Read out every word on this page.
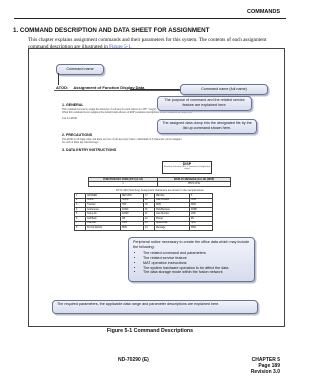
COMMANDS
1. COMMAND DESCRIPTION AND DATA SHEET FOR ASSIGNMENT
This chapter explains assignment commands and their parameters for this system. The contents of each assignment command description are illustrated in Figure 5-1.
ATOD: Assignment of Function Display Data
1. GENERAL
This command is used to assign the character of soft-key for each station as a JIS* / key(s).
When this command is not assigned, the default labels shown on ROF parameter descriptions in this command are displayed.
List for ATOD
2. PRECAUTIONS
The ATOD is 16 digits wide, and there are four of soft-key keys; hence a maximum of 8 characters can be assigned
for each of these key function keys.
3. DATA ENTRY INSTRUCTIONS
DISP
Function Selection: Max 2 characters (8 digits/key entry)
FUNCTION KEY CODE (FKY) (1-64)	DISPLAY MESSAGE (16 LCD (DISP)
1	PPP1 CFW
FKY1-200 (Soft-Key) Assignment characters are shown in the sample below.
1	ANSWER	RETURN	17	RECALL	5
2	HOLD	HOLD	18	Call Forward	CFW
3	Transfer	TRF	19	DND	DND
4	Conference	CONF	20	Park/Retrieve	PARK
5	Camp-On	CAMP	21	Last Number	LNR
6	Call Back	CB	22	Pickup	PU
7	Override	OVR	23	Speed Dial	SPD
8	Do Not Disturb	DND	24	Message	MSG
Command name
Command name (full name)
The purpose of command and the related service feature are explained here.
The assigned data dump into the designated file by the list up command shown here.
Peripheral notice necessary to create the office data which may include the following:
• The related command and parameters
• The related service feature
• MAT operation instructions
• The system hardware operation to be affect the data
• The data storage mode within the fusion network
The required parameters, the applicable data range and parameter descriptions are explained here.
Figure 5-1 Command Descriptions
ND-70290 (E)	CHAPTER 5
Page 189
Revision 3.0
